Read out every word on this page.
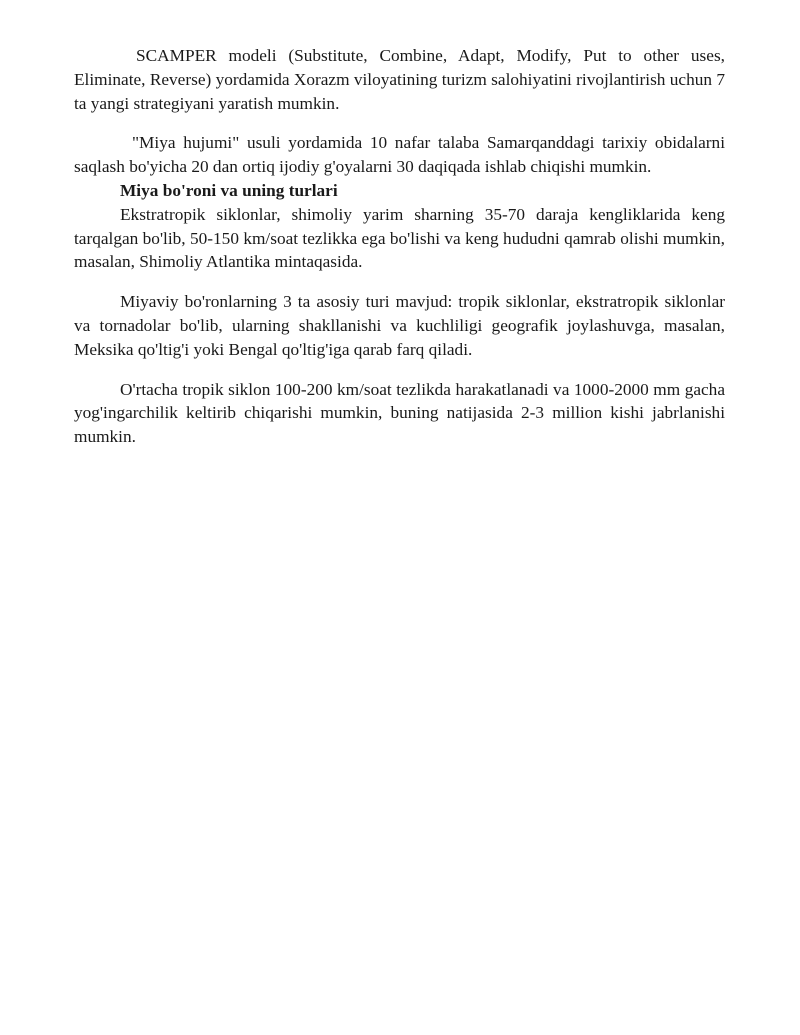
SCAMPER modeli (Substitute, Combine, Adapt, Modify, Put to other uses, Eliminate, Reverse) yordamida Xorazm viloyatining turizm salohiyatini rivojlantirish uchun 7 ta yangi strategiyani yaratish mumkin.

"Miya hujumi" usuli yordamida 10 nafar talaba Samarqanddagi tarixiy obidalarni saqlash bo'yicha 20 dan ortiq ijodiy g'oyalarni 30 daqiqada ishlab chiqishi mumkin.

Miya bo'roni va uning turlari

Ekstratropik siklonlar, shimoliy yarim sharning 35-70 daraja kengliklarida keng tarqalgan bo'lib, 50-150 km/soat tezlikka ega bo'lishi va keng hududni qamrab olishi mumkin, masalan, Shimoliy Atlantika mintaqasida.

Miyaviy bo'ronlarning 3 ta asosiy turi mavjud: tropik siklonlar, ekstratropik siklonlar va tornadolar bo'lib, ularning shakllanishi va kuchliligi geografik joylashuvga, masalan, Meksika qo'ltig'i yoki Bengal qo'ltig'iga qarab farq qiladi.

O'rtacha tropik siklon 100-200 km/soat tezlikda harakatlanadi va 1000-2000 mm gacha yog'ingarchilik keltirib chiqarishi mumkin, buning natijasida 2-3 million kishi jabrlanishi mumkin.
